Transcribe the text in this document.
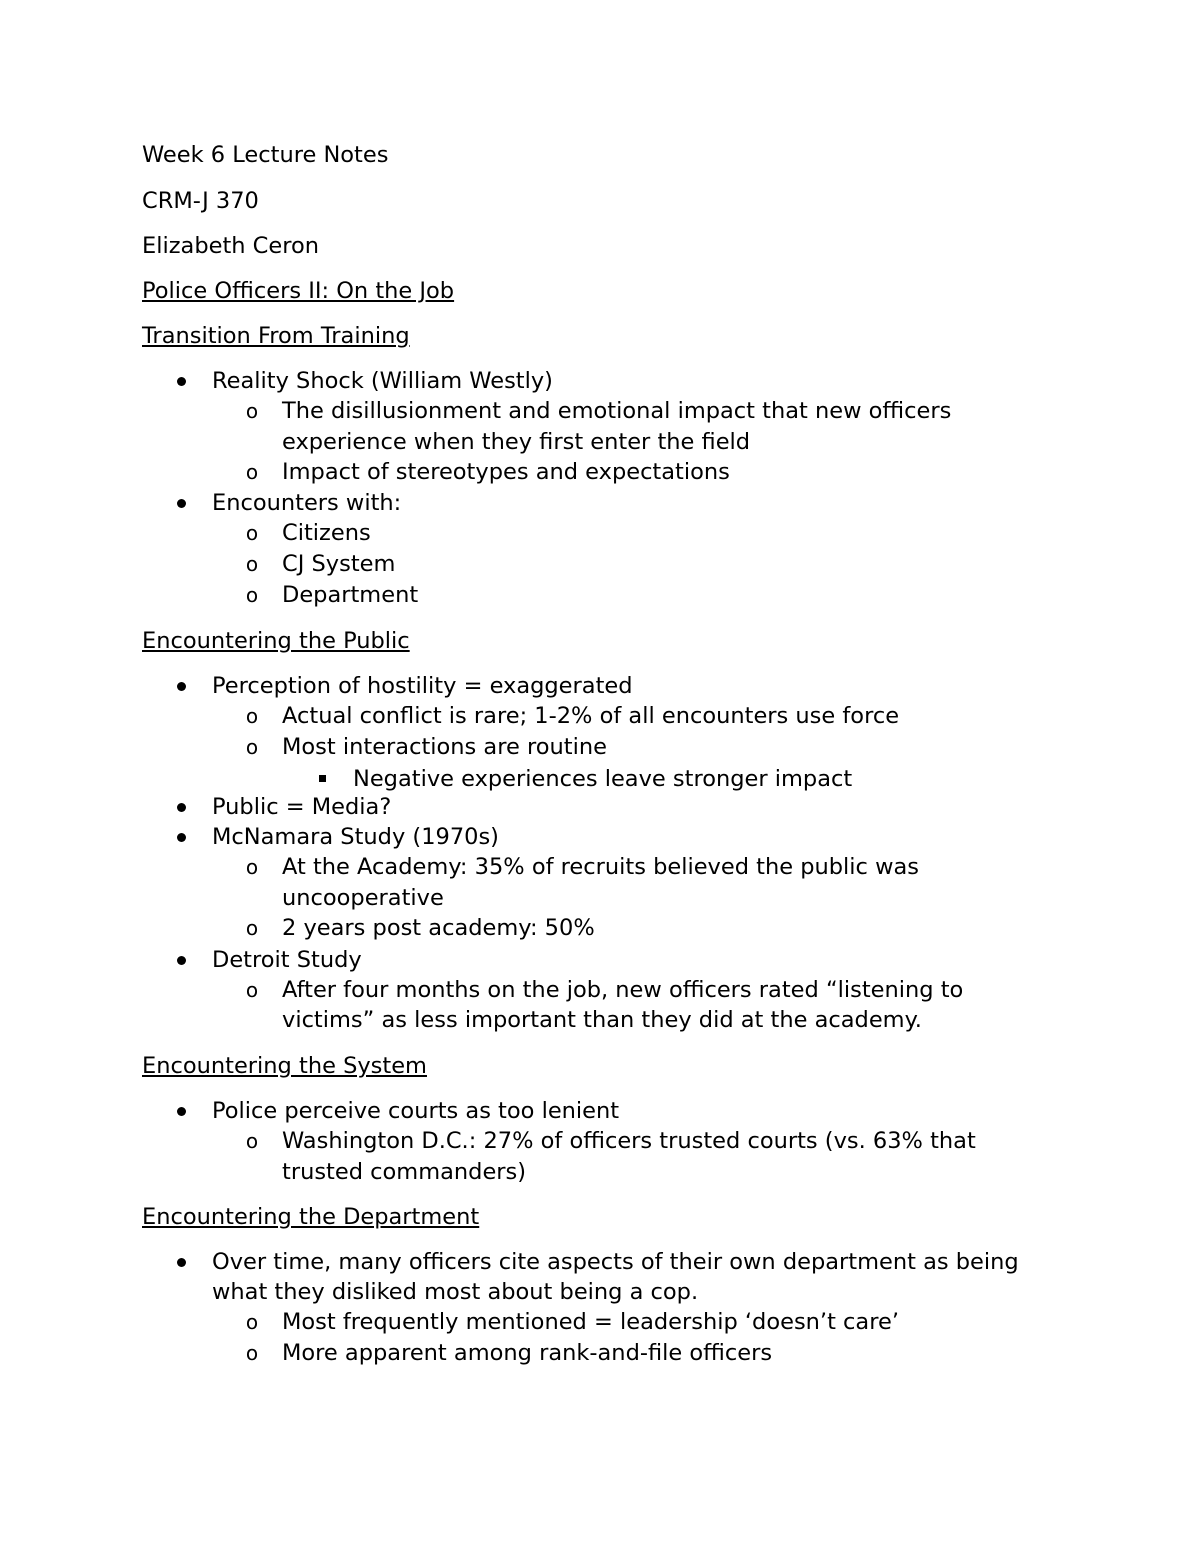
Week 6 Lecture Notes
CRM-J 370
Elizabeth Ceron
Police Officers II: On the Job
Transition From Training
Reality Shock (William Westly)
o The disillusionment and emotional impact that new officers
experience when they first enter the field
o Impact of stereotypes and expectations
Encounters with:
o Citizens
o CJ System
o Department
Encountering the Public
Perception of hostility = exaggerated
o Actual conflict is rare; 1-2% of all encounters use force
o Most interactions are routine
Negative experiences leave stronger impact
Public = Media?
McNamara Study (1970s)
o At the Academy: 35% of recruits believed the public was
uncooperative
o 2 years post academy: 50%
Detroit Study
o After four months on the job, new officers rated “listening to
victims” as less important than they did at the academy.
Encountering the System
Police perceive courts as too lenient
o Washington D.C.: 27% of officers trusted courts (vs. 63% that
trusted commanders)
Encountering the Department
Over time, many officers cite aspects of their own department as being
what they disliked most about being a cop.
o Most frequently mentioned = leadership ‘doesn’t care’
o More apparent among rank-and-file officers
